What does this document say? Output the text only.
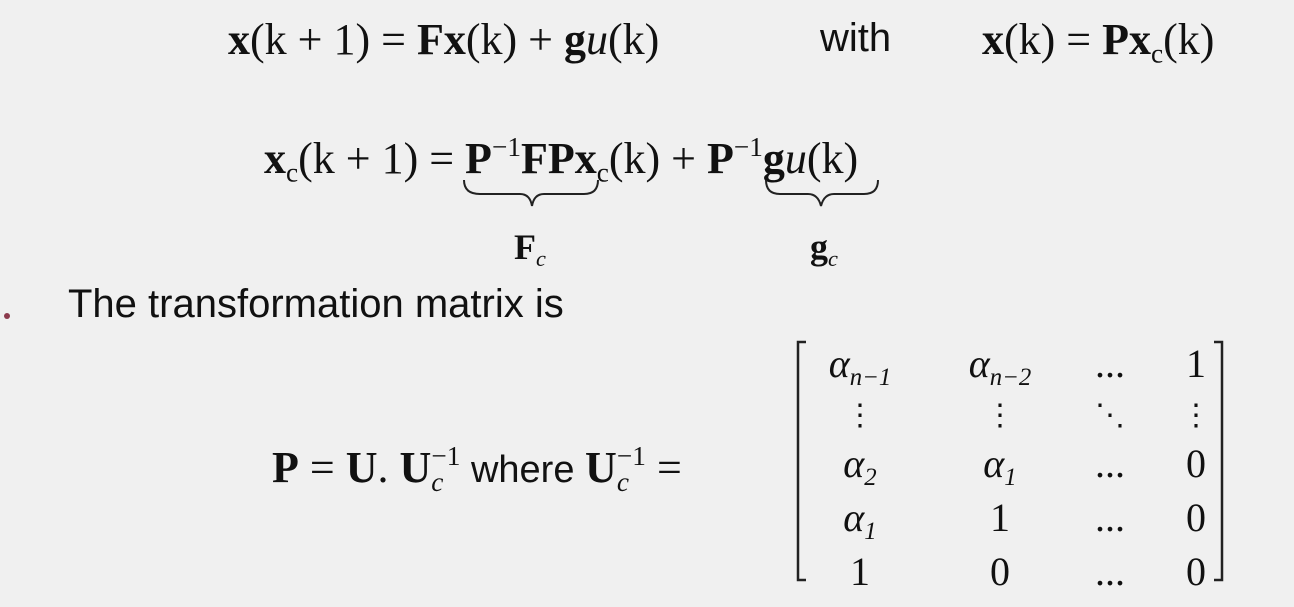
x(k + 1) = Fx(k) + gu(k)	with $x(k) = Px_c(k)$
$x_c(k + 1) = P^{-1}FPx_c(k) + P^{-1}gu(k)$
$F_c$	$g_c$
The transformation matrix is
P = U. $U_c^{-1}$ where $U_c^{-1}$ =
$\alpha_{n-1}$	$\alpha_{n-2}$	...	1
⋮	⋮	⋱	⋮
$\alpha_2$	$\alpha_1$	...	0
$\alpha_1$	1	...	0
1	0	...	0
